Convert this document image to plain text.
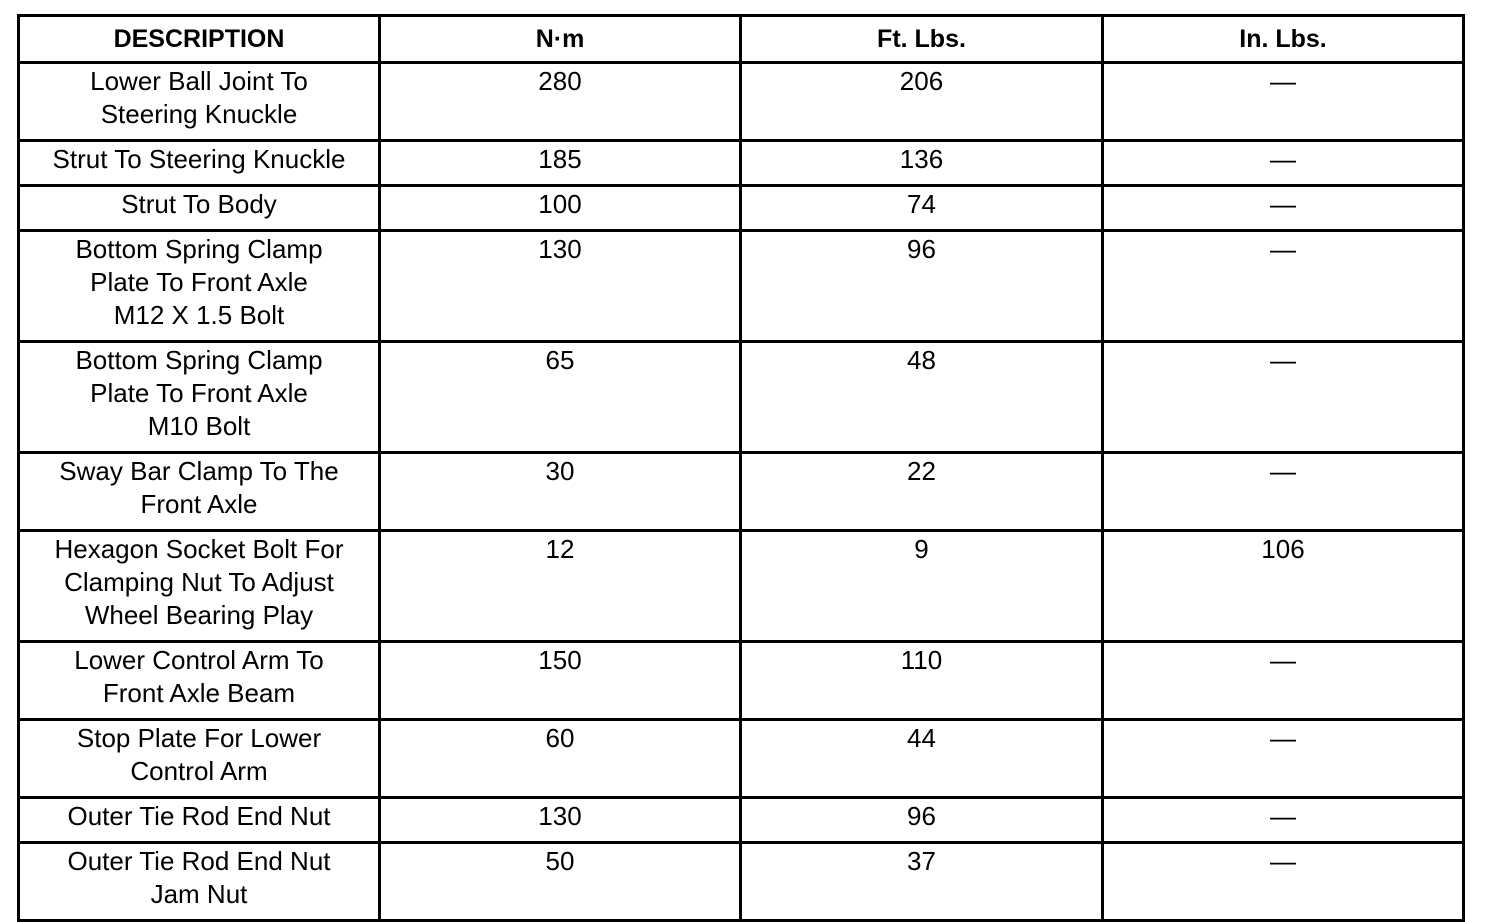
DESCRIPTION	N·m	Ft. Lbs.	In. Lbs.

Lower Ball Joint To
Steering Knuckle	280	206	—

Strut To Steering Knuckle	185	136	—

Strut To Body	100	74	—

Bottom Spring Clamp
Plate To Front Axle
M12 X 1.5 Bolt	130	96	—

Bottom Spring Clamp
Plate To Front Axle
M10 Bolt	65	48	—

Sway Bar Clamp To The
Front Axle	30	22	—

Hexagon Socket Bolt For
Clamping Nut To Adjust
Wheel Bearing Play	12	9	106

Lower Control Arm To
Front Axle Beam	150	110	—

Stop Plate For Lower
Control Arm	60	44	—

Outer Tie Rod End Nut	130	96	—

Outer Tie Rod End Nut
Jam Nut	50	37	—
